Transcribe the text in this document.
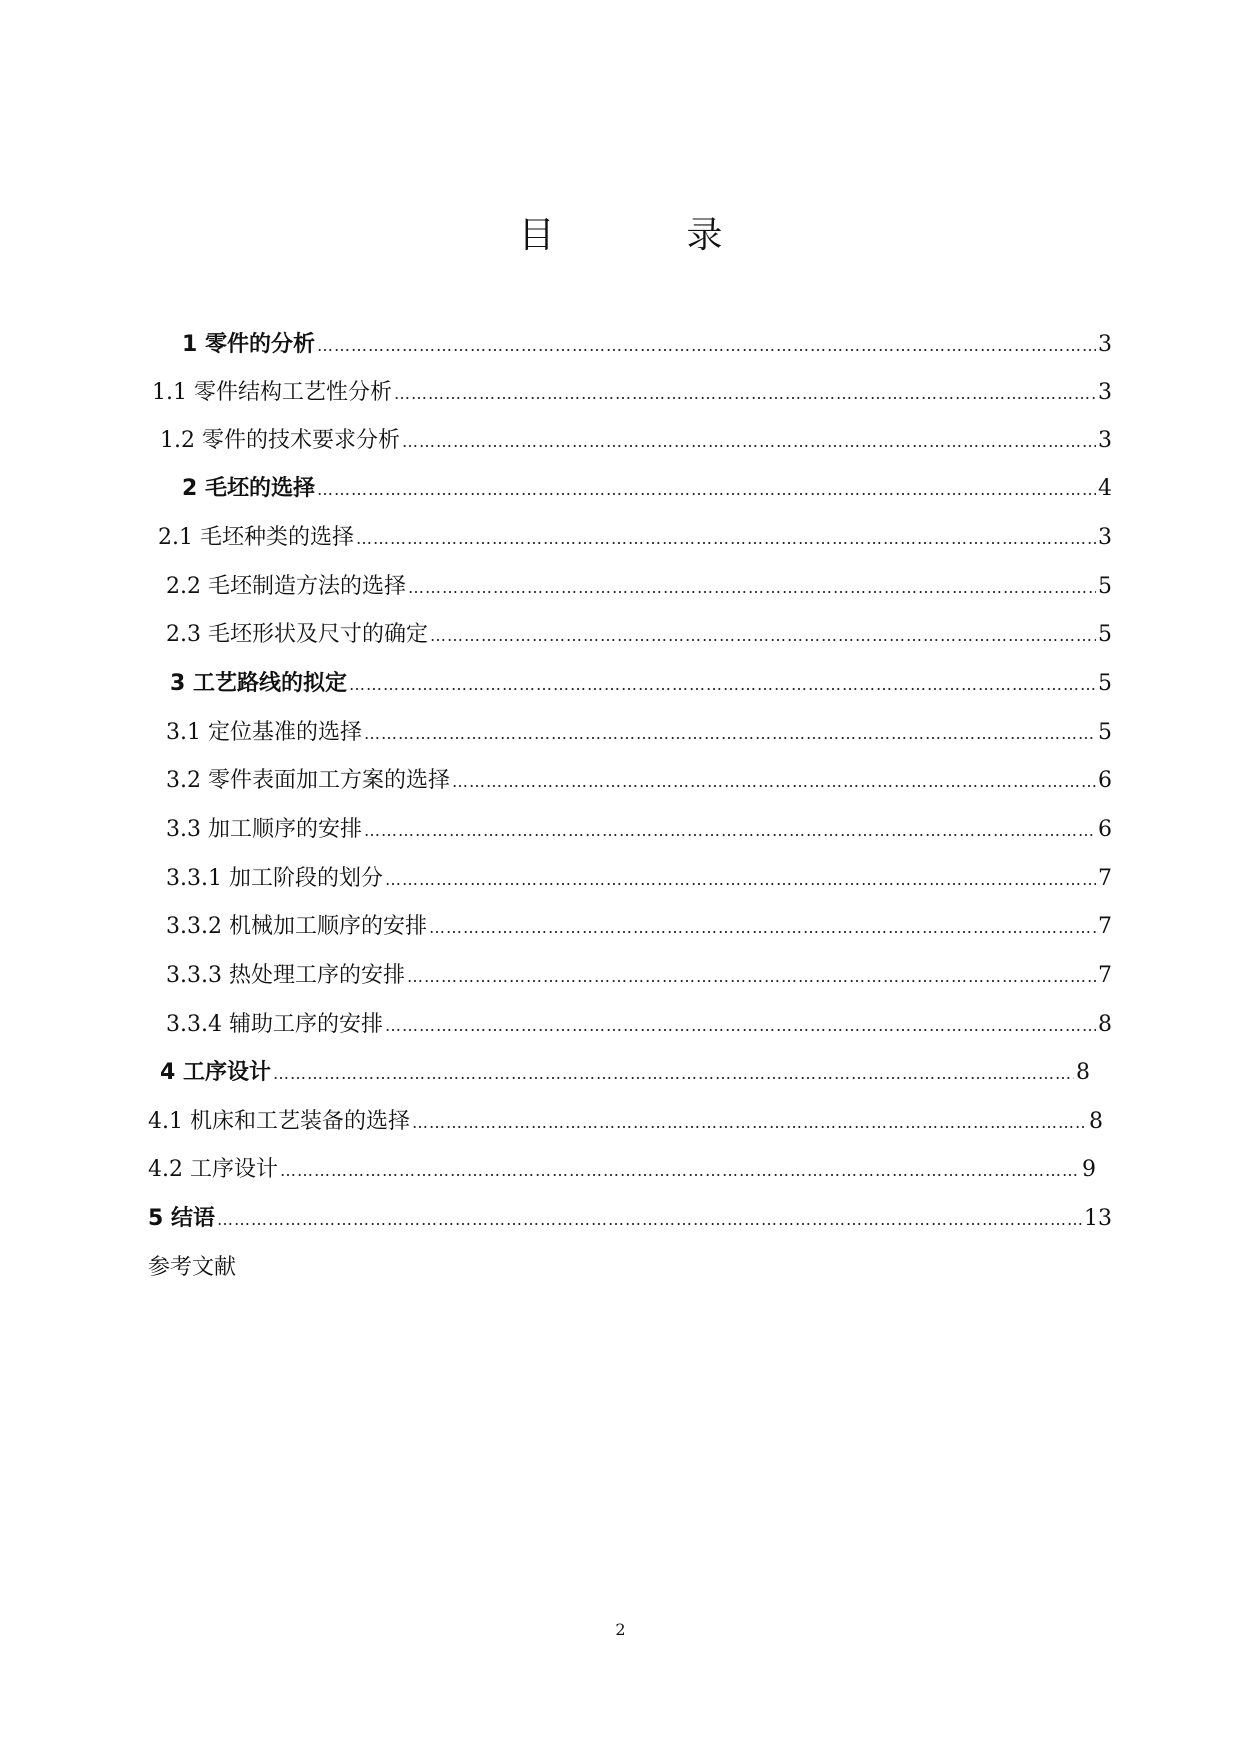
目　录
1 零件的分析 …………………………………………………………………………………………………………………………………………………………………………………………………………	3
1.1 零件结构工艺性分析 …………………………………………………………………………………………………………………………………………………………………………………………………………	3
1.2 零件的技术要求分析 …………………………………………………………………………………………………………………………………………………………………………………………………………	3
2 毛坯的选择 …………………………………………………………………………………………………………………………………………………………………………………………………………	4
2.1 毛坯种类的选择 …………………………………………………………………………………………………………………………………………………………………………………………………………	3
2.2 毛坯制造方法的选择 …………………………………………………………………………………………………………………………………………………………………………………………………………	5
2.3 毛坯形状及尺寸的确定 …………………………………………………………………………………………………………………………………………………………………………………………………………	5
3 工艺路线的拟定 …………………………………………………………………………………………………………………………………………………………………………………………………………	5
3.1 定位基准的选择 …………………………………………………………………………………………………………………………………………………………………………………………………………	5
3.2 零件表面加工方案的选择 …………………………………………………………………………………………………………………………………………………………………………………………………………	6
3.3 加工顺序的安排 …………………………………………………………………………………………………………………………………………………………………………………………………………	6
3.3.1 加工阶段的划分 …………………………………………………………………………………………………………………………………………………………………………………………………………	7
3.3.2 机械加工顺序的安排 …………………………………………………………………………………………………………………………………………………………………………………………………………	7
3.3.3 热处理工序的安排 …………………………………………………………………………………………………………………………………………………………………………………………………………	7
3.3.4 辅助工序的安排 …………………………………………………………………………………………………………………………………………………………………………………………………………	8
4 工序设计 …………………………………………………………………………………………………………………………………………………………………………………………………………	8
4.1 机床和工艺装备的选择 …………………………………………………………………………………………………………………………………………………………………………………………………………	8
4.2 工序设计 …………………………………………………………………………………………………………………………………………………………………………………………………………	9
5 结语 …………………………………………………………………………………………………………………………………………………………………………………………………………	13
参考文献
2
